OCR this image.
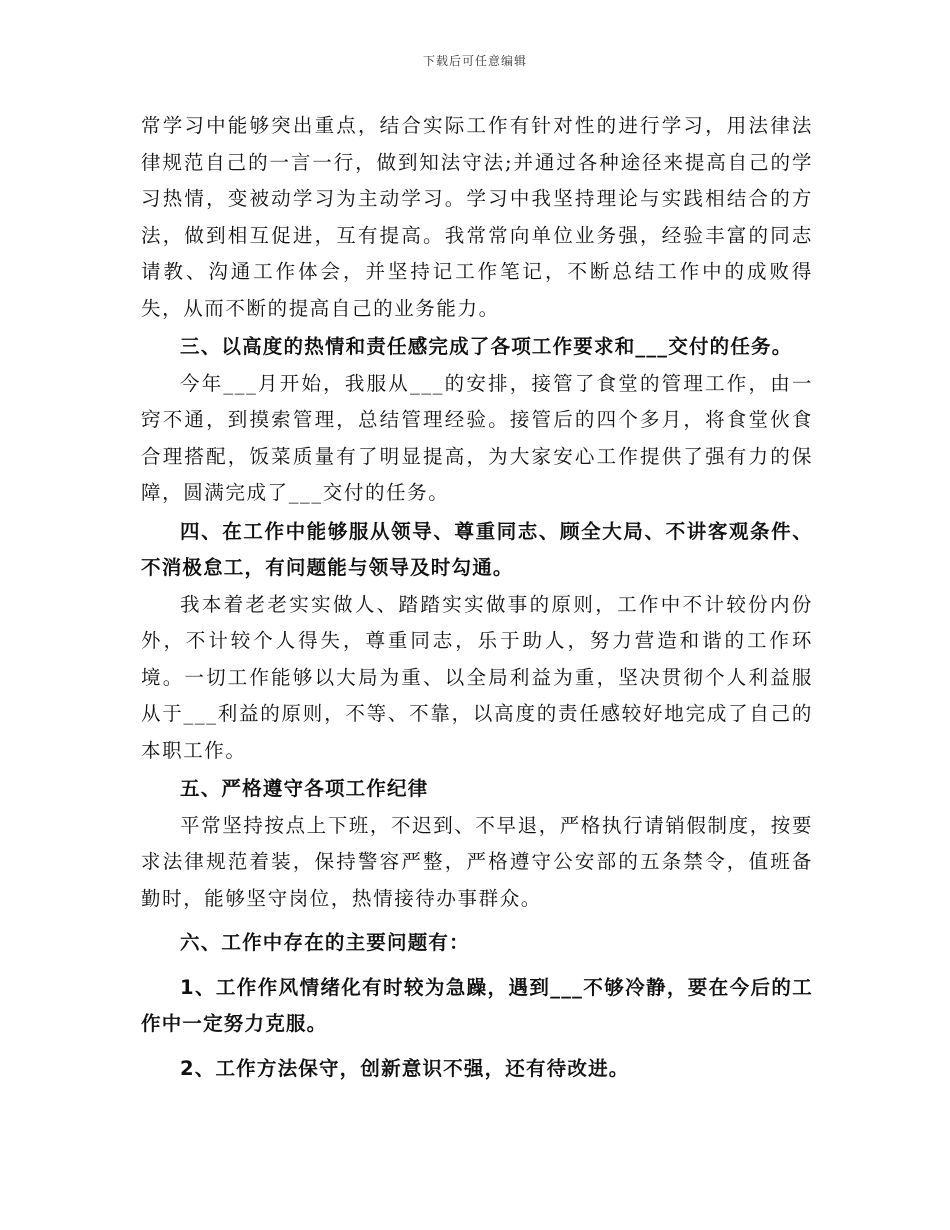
下载后可任意编辑

常学习中能够突出重点，结合实际工作有针对性的进行学习，用法律法律规范自己的一言一行，做到知法守法;并通过各种途径来提高自己的学习热情，变被动学习为主动学习。学习中我坚持理论与实践相结合的方法，做到相互促进，互有提高。我常常向单位业务强，经验丰富的同志请教、沟通工作体会，并坚持记工作笔记，不断总结工作中的成败得失，从而不断的提高自己的业务能力。

三、以高度的热情和责任感完成了各项工作要求和___交付的任务。

今年___月开始，我服从___的安排，接管了食堂的管理工作，由一窍不通，到摸索管理，总结管理经验。接管后的四个多月，将食堂伙食合理搭配，饭菜质量有了明显提高，为大家安心工作提供了强有力的保障，圆满完成了___交付的任务。

四、在工作中能够服从领导、尊重同志、顾全大局、不讲客观条件、不消极怠工，有问题能与领导及时勾通。

我本着老老实实做人、踏踏实实做事的原则，工作中不计较份内份外，不计较个人得失，尊重同志，乐于助人，努力营造和谐的工作环境。一切工作能够以大局为重、以全局利益为重，坚决贯彻个人利益服从于___利益的原则，不等、不靠，以高度的责任感较好地完成了自己的本职工作。

五、严格遵守各项工作纪律

平常坚持按点上下班，不迟到、不早退，严格执行请销假制度，按要求法律规范着装，保持警容严整，严格遵守公安部的五条禁令，值班备勤时，能够坚守岗位，热情接待办事群众。

六、工作中存在的主要问题有：

1、工作作风情绪化有时较为急躁，遇到___不够冷静，要在今后的工作中一定努力克服。

2、工作方法保守，创新意识不强，还有待改进。
